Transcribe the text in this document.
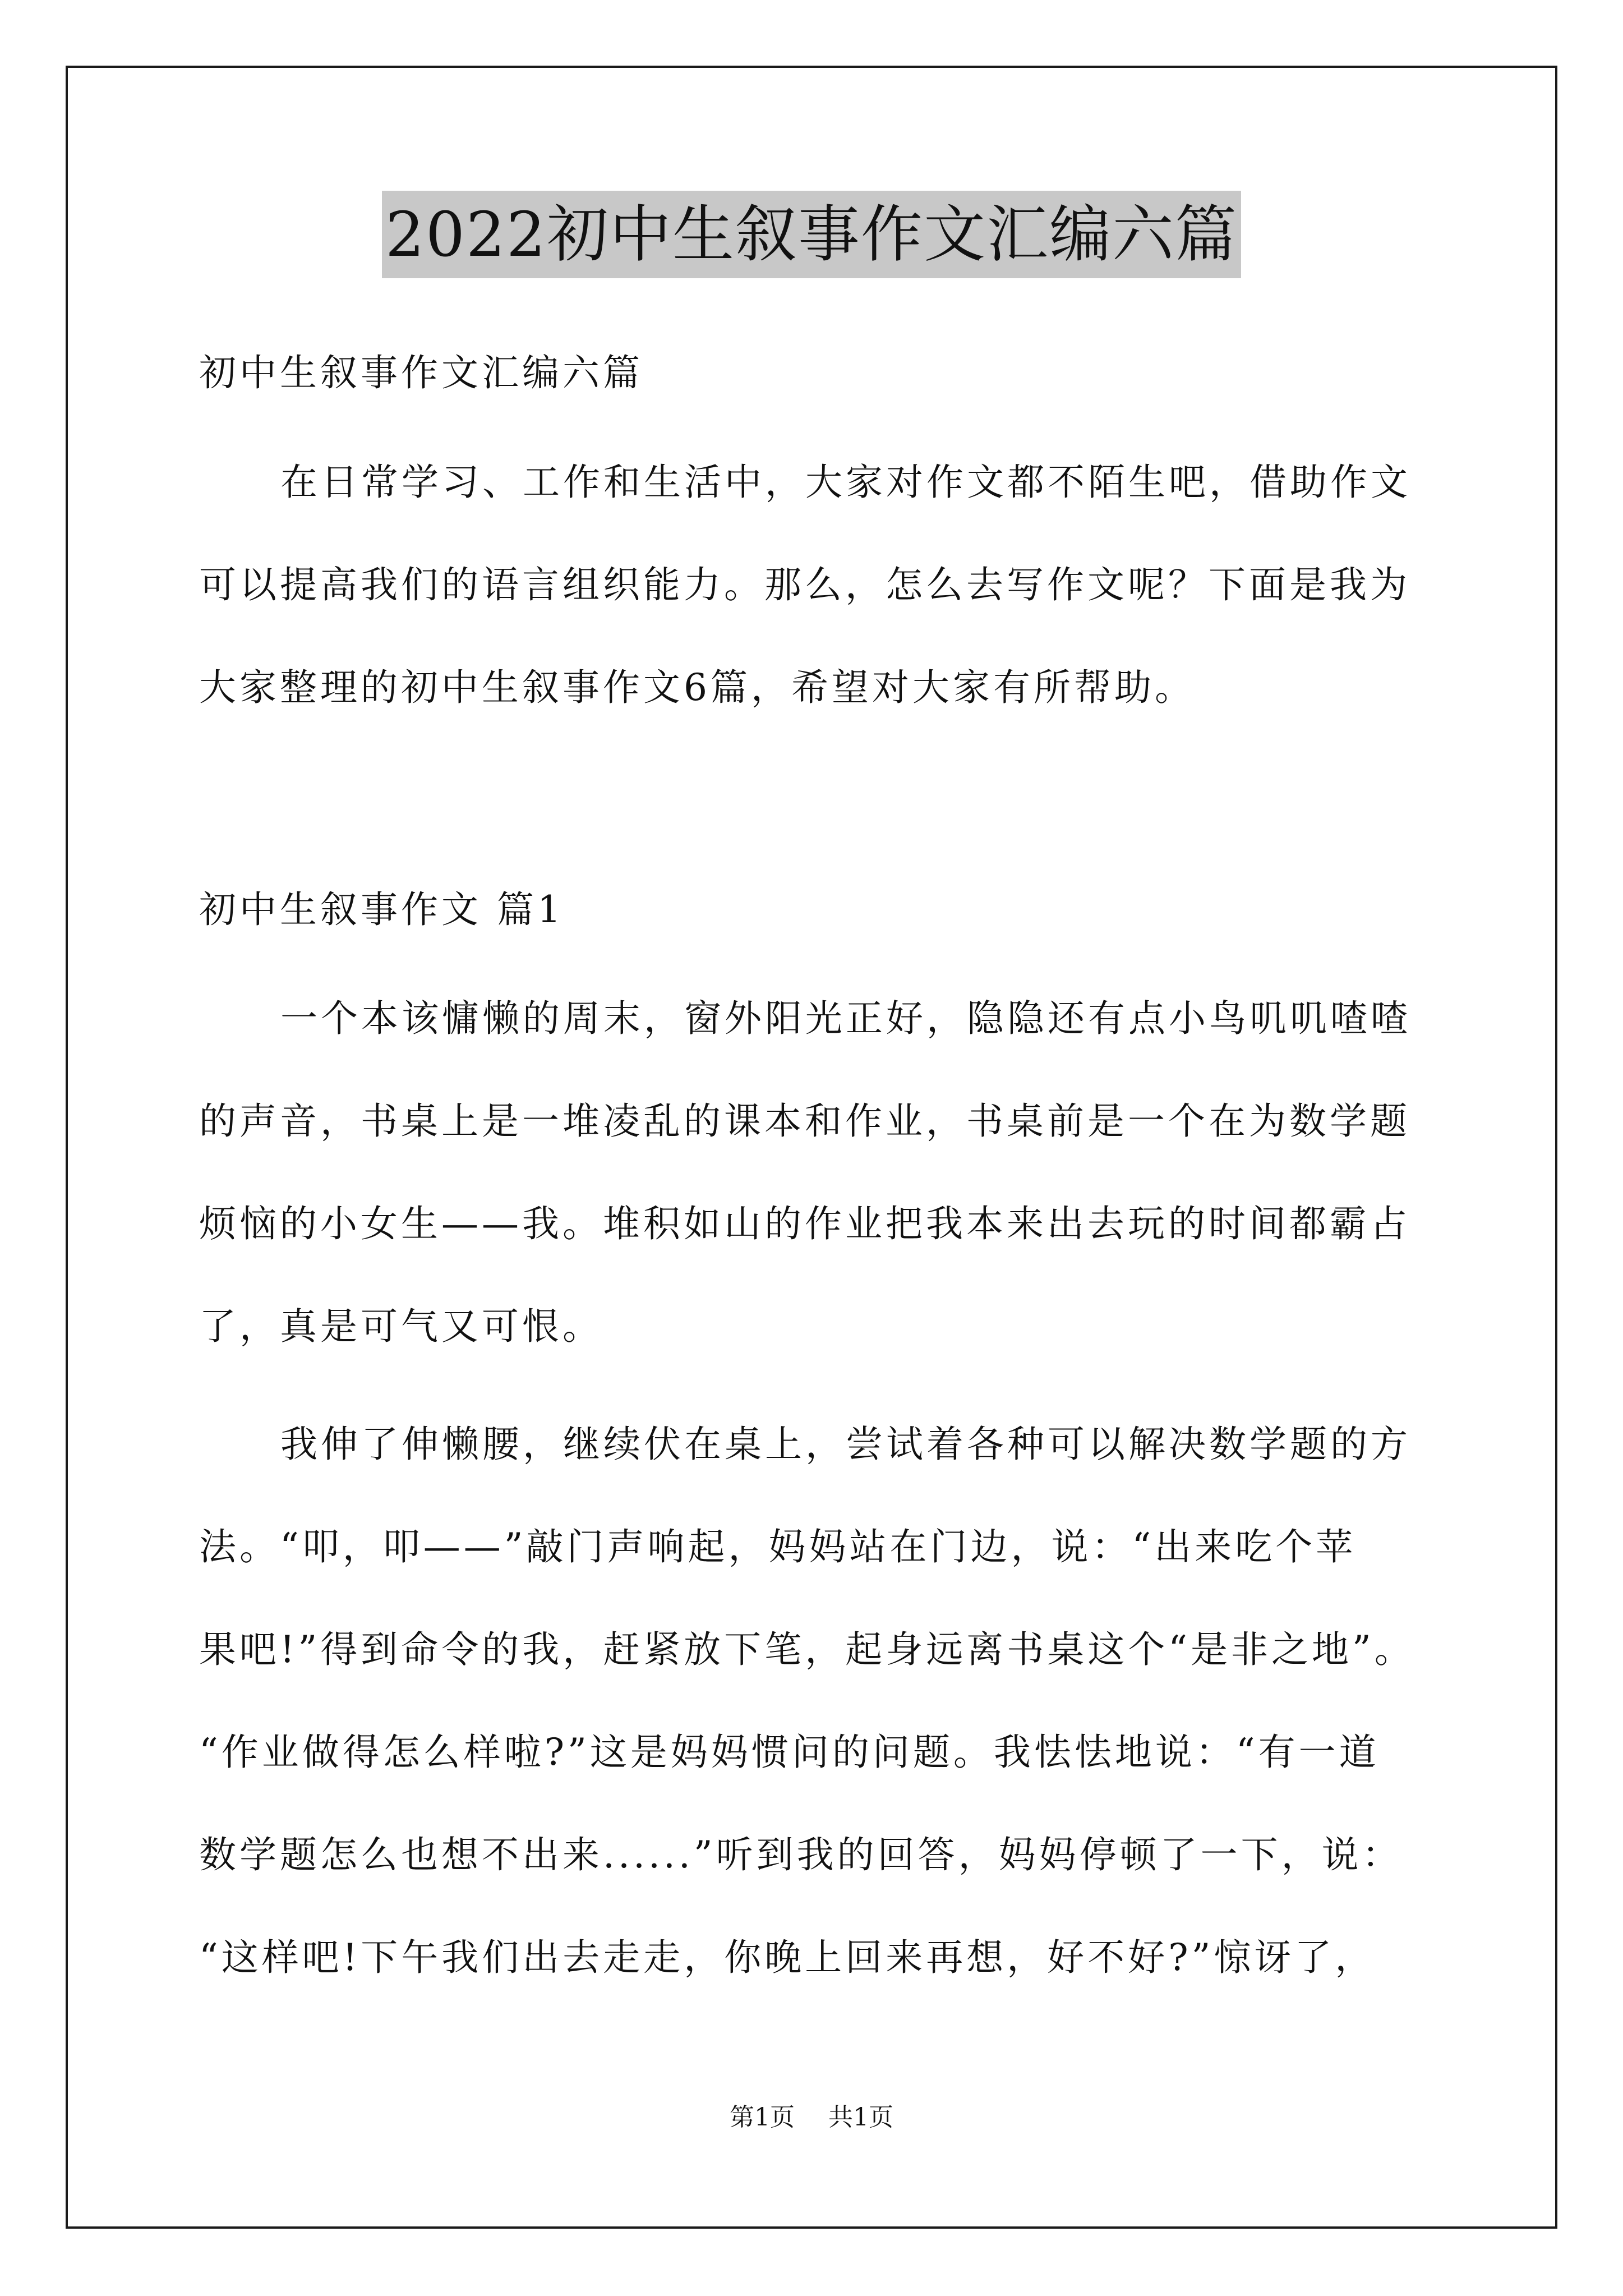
2022初中生叙事作文汇编六篇
初中生叙事作文汇编六篇
在日常学习、工作和生活中，大家对作文都不陌生吧，借助作文
可以提高我们的语言组织能力。那么，怎么去写作文呢？下面是我为
大家整理的初中生叙事作文6篇，希望对大家有所帮助。
初中生叙事作文 篇1
一个本该慵懒的周末，窗外阳光正好，隐隐还有点小鸟叽叽喳喳
的声音，书桌上是一堆凌乱的课本和作业，书桌前是一个在为数学题
烦恼的小女生——我。堆积如山的作业把我本来出去玩的时间都霸占
了，真是可气又可恨。
我伸了伸懒腰，继续伏在桌上，尝试着各种可以解决数学题的方
法。“叩，叩——”敲门声响起，妈妈站在门边，说：“出来吃个苹
果吧!”得到命令的我，赶紧放下笔，起身远离书桌这个“是非之地”。
“作业做得怎么样啦?”这是妈妈惯问的问题。我怯怯地说：“有一道
数学题怎么也想不出来......”听到我的回答，妈妈停顿了一下，说：
“这样吧!下午我们出去走走，你晚上回来再想，好不好?”惊讶了，
第1页 共1页
